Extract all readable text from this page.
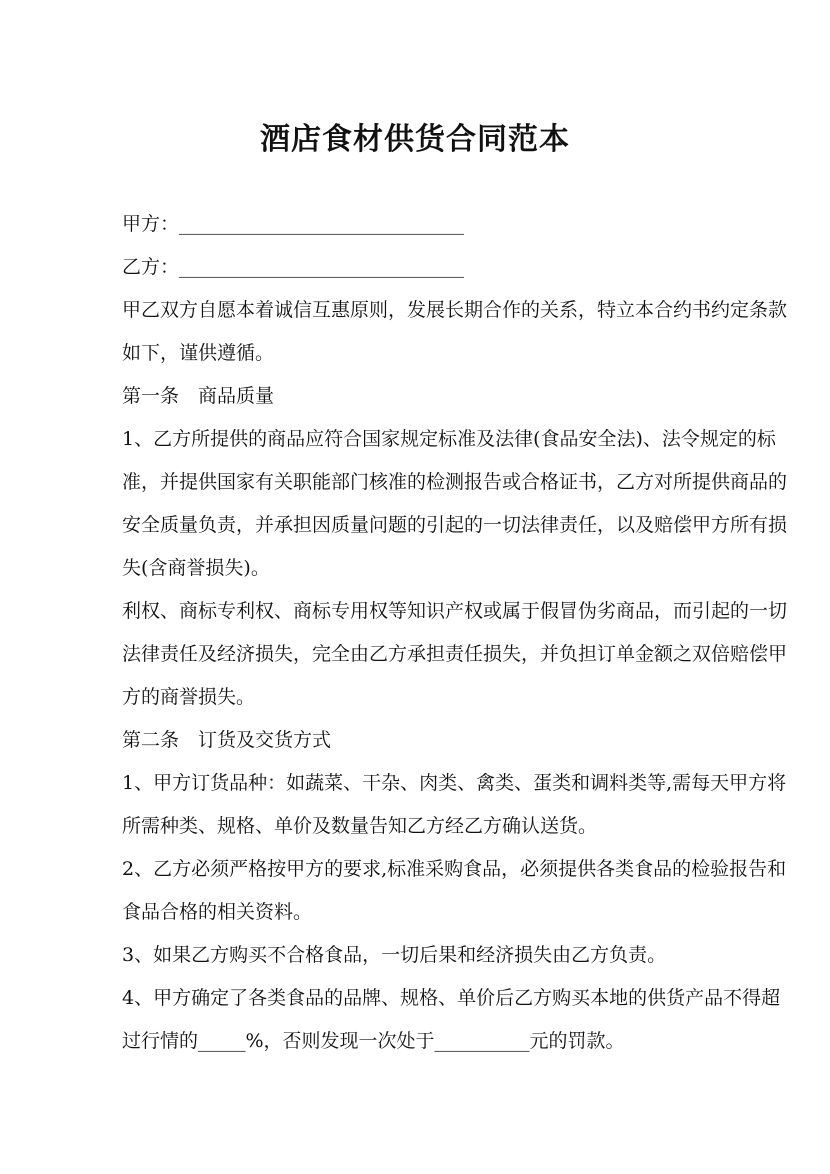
酒店食材供货合同范本
甲方：______________________________
乙方：______________________________
甲乙双方自愿本着诚信互惠原则，发展长期合作的关系，特立本合约书约定条款
如下，谨供遵循。
第一条　商品质量
1、乙方所提供的商品应符合国家规定标准及法律(食品安全法)、法令规定的标
准，并提供国家有关职能部门核准的检测报告或合格证书，乙方对所提供商品的
安全质量负责，并承担因质量问题的引起的一切法律责任，以及赔偿甲方所有损
失(含商誉损失)。
利权、商标专利权、商标专用权等知识产权或属于假冒伪劣商品，而引起的一切
法律责任及经济损失，完全由乙方承担责任损失，并负担订单金额之双倍赔偿甲
方的商誉损失。
第二条　订货及交货方式
1、甲方订货品种：如蔬菜、干杂、肉类、禽类、蛋类和调料类等,需每天甲方将
所需种类、规格、单价及数量告知乙方经乙方确认送货。
2、乙方必须严格按甲方的要求,标准采购食品，必须提供各类食品的检验报告和
食品合格的相关资料。
3、如果乙方购买不合格食品，一切后果和经济损失由乙方负责。
4、甲方确定了各类食品的品牌、规格、单价后乙方购买本地的供货产品不得超
过行情的_____%，否则发现一次处于__________元的罚款。
